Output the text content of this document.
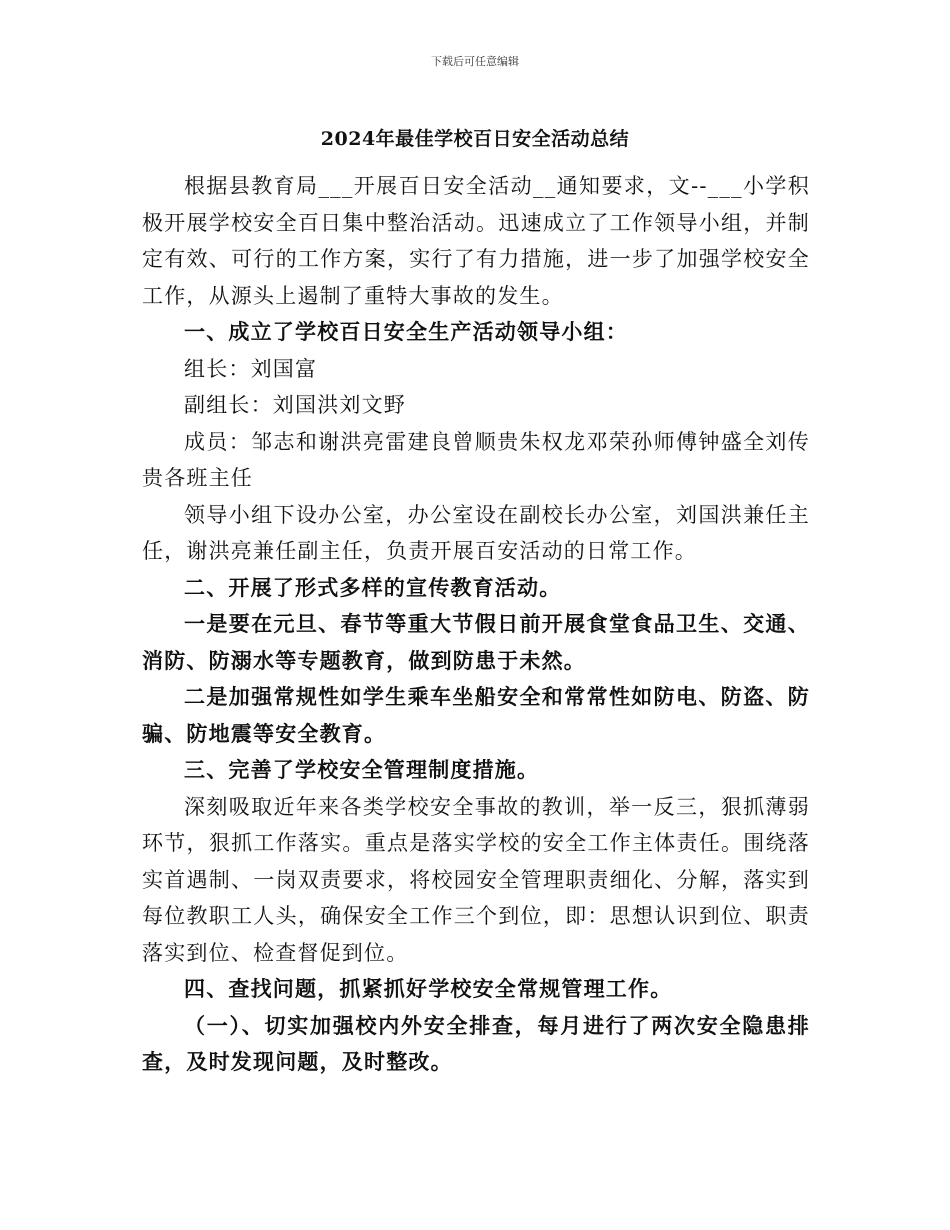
下载后可任意编辑
2024年最佳学校百日安全活动总结

根据县教育局___开展百日安全活动__通知要求，文--___小学积极开展学校安全百日集中整治活动。迅速成立了工作领导小组，并制定有效、可行的工作方案，实行了有力措施，进一步了加强学校安全工作，从源头上遏制了重特大事故的发生。

一、成立了学校百日安全生产活动领导小组：

组长：刘国富

副组长：刘国洪刘文野

成员：邹志和谢洪亮雷建良曾顺贵朱权龙邓荣孙师傅钟盛全刘传贵各班主任

领导小组下设办公室，办公室设在副校长办公室，刘国洪兼任主任，谢洪亮兼任副主任，负责开展百安活动的日常工作。

二、开展了形式多样的宣传教育活动。

一是要在元旦、春节等重大节假日前开展食堂食品卫生、交通、消防、防溺水等专题教育，做到防患于未然。

二是加强常规性如学生乘车坐船安全和常常性如防电、防盗、防骗、防地震等安全教育。

三、完善了学校安全管理制度措施。

深刻吸取近年来各类学校安全事故的教训，举一反三，狠抓薄弱环节，狠抓工作落实。重点是落实学校的安全工作主体责任。围绕落实首遇制、一岗双责要求，将校园安全管理职责细化、分解，落实到每位教职工人头，确保安全工作三个到位，即：思想认识到位、职责落实到位、检查督促到位。

四、查找问题，抓紧抓好学校安全常规管理工作。

（一）、切实加强校内外安全排查，每月进行了两次安全隐患排查，及时发现问题，及时整改。
